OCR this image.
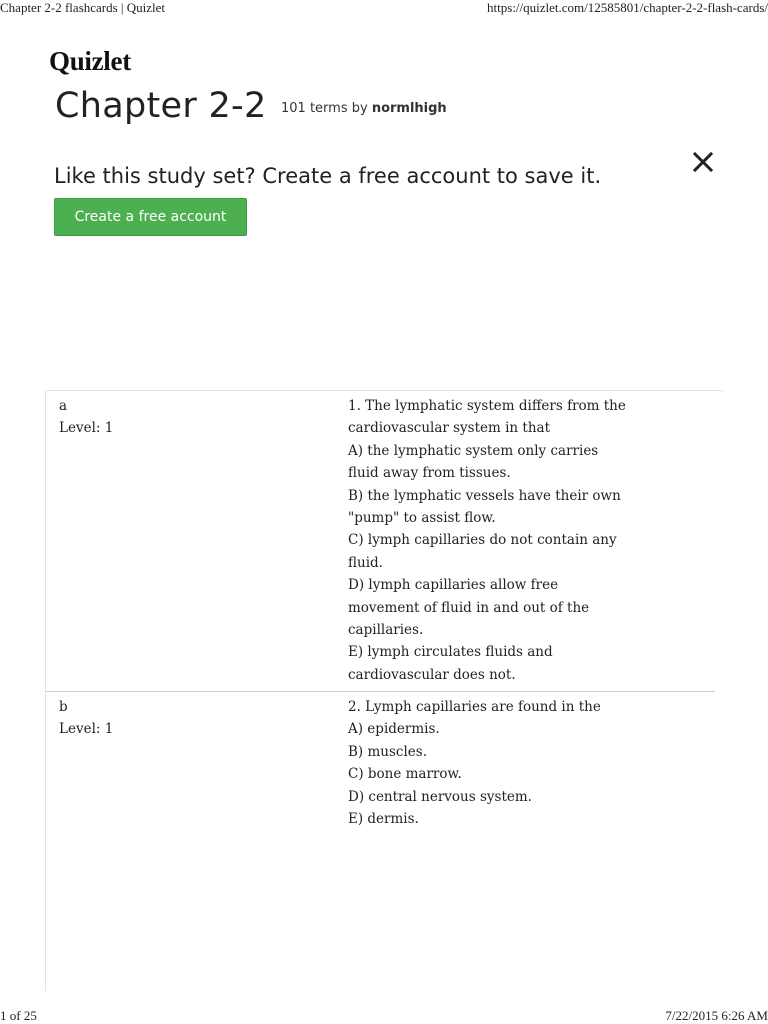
Chapter 2-2 flashcards | Quizlet	https://quizlet.com/12585801/chapter-2-2-flash-cards/
Quizlet
Chapter 2-2 101 terms by normlhigh
Like this study set? Create a free account to save it.
Create a free account
a
Level: 1
1. The lymphatic system differs from the
cardiovascular system in that
A) the lymphatic system only carries
fluid away from tissues.
B) the lymphatic vessels have their own
"pump" to assist flow.
C) lymph capillaries do not contain any
fluid.
D) lymph capillaries allow free
movement of fluid in and out of the
capillaries.
E) lymph circulates fluids and
cardiovascular does not.
b
Level: 1
2. Lymph capillaries are found in the
A) epidermis.
B) muscles.
C) bone marrow.
D) central nervous system.
E) dermis.
1 of 25	7/22/2015 6:26 AM
